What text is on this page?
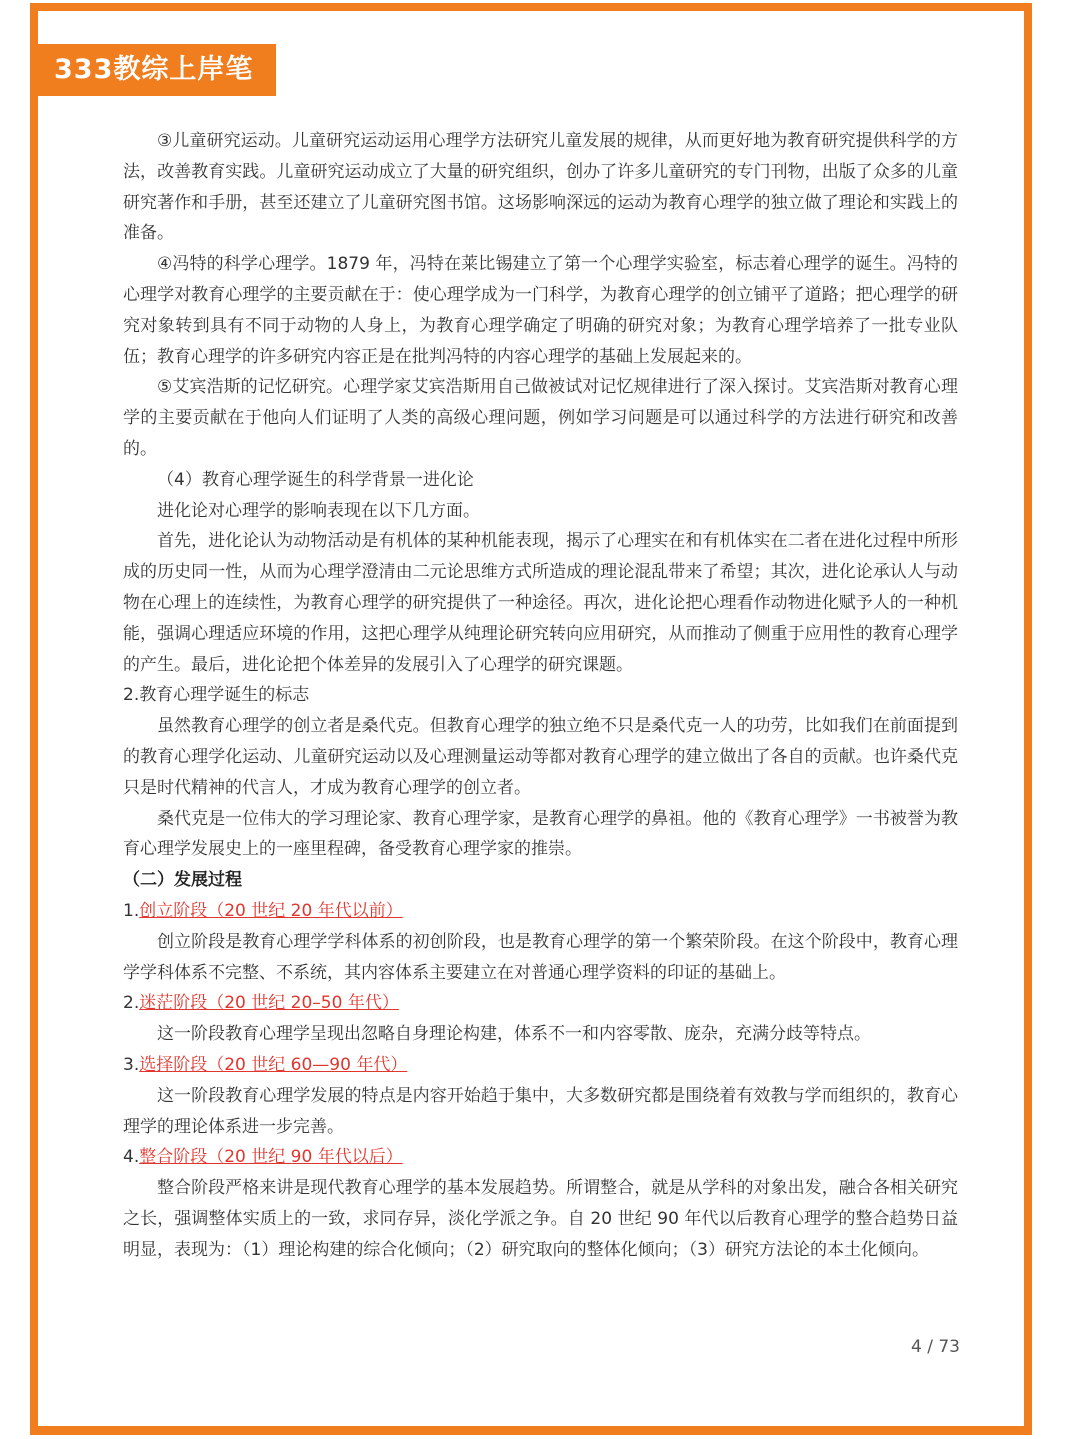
333教综上岸笔记

③儿童研究运动。儿童研究运动运用心理学方法研究儿童发展的规律，从而更好地为教育研究提供科学的方法，改善教育实践。儿童研究运动成立了大量的研究组织，创办了许多儿童研究的专门刊物，出版了众多的儿童研究著作和手册，甚至还建立了儿童研究图书馆。这场影响深远的运动为教育心理学的独立做了理论和实践上的准备。

④冯特的科学心理学。1879 年，冯特在莱比锡建立了第一个心理学实验室，标志着心理学的诞生。冯特的心理学对教育心理学的主要贡献在于：使心理学成为一门科学，为教育心理学的创立铺平了道路；把心理学的研究对象转到具有不同于动物的人身上，为教育心理学确定了明确的研究对象；为教育心理学培养了一批专业队伍；教育心理学的许多研究内容正是在批判冯特的内容心理学的基础上发展起来的。

⑤艾宾浩斯的记忆研究。心理学家艾宾浩斯用自己做被试对记忆规律进行了深入探讨。艾宾浩斯对教育心理学的主要贡献在于他向人们证明了人类的高级心理问题，例如学习问题是可以通过科学的方法进行研究和改善的。

（4）教育心理学诞生的科学背景一进化论

进化论对心理学的影响表现在以下几方面。

首先，进化论认为动物活动是有机体的某种机能表现，揭示了心理实在和有机体实在二者在进化过程中所形成的历史同一性，从而为心理学澄清由二元论思维方式所造成的理论混乱带来了希望；其次，进化论承认人与动物在心理上的连续性，为教育心理学的研究提供了一种途径。再次，进化论把心理看作动物进化赋予人的一种机能，强调心理适应环境的作用，这把心理学从纯理论研究转向应用研究，从而推动了侧重于应用性的教育心理学的产生。最后，进化论把个体差异的发展引入了心理学的研究课题。

2.教育心理学诞生的标志

虽然教育心理学的创立者是桑代克。但教育心理学的独立绝不只是桑代克一人的功劳，比如我们在前面提到的教育心理学化运动、儿童研究运动以及心理测量运动等都对教育心理学的建立做出了各自的贡献。也许桑代克只是时代精神的代言人，才成为教育心理学的创立者。

桑代克是一位伟大的学习理论家、教育心理学家，是教育心理学的鼻祖。他的《教育心理学》一书被誉为教育心理学发展史上的一座里程碑，备受教育心理学家的推崇。

（二）发展过程

1.创立阶段（20 世纪 20 年代以前）

创立阶段是教育心理学学科体系的初创阶段，也是教育心理学的第一个繁荣阶段。在这个阶段中，教育心理学学科体系不完整、不系统，其内容体系主要建立在对普通心理学资料的印证的基础上。

2.迷茫阶段（20 世纪 20–50 年代）

这一阶段教育心理学呈现出忽略自身理论构建，体系不一和内容零散、庞杂，充满分歧等特点。

3.选择阶段（20 世纪 60—90 年代）

这一阶段教育心理学发展的特点是内容开始趋于集中，大多数研究都是围绕着有效教与学而组织的，教育心理学的理论体系进一步完善。

4.整合阶段（20 世纪 90 年代以后）

整合阶段严格来讲是现代教育心理学的基本发展趋势。所谓整合，就是从学科的对象出发，融合各相关研究之长，强调整体实质上的一致，求同存异，淡化学派之争。自 20 世纪 90 年代以后教育心理学的整合趋势日益明显，表现为：（1）理论构建的综合化倾向；（2）研究取向的整体化倾向；（3）研究方法论的本土化倾向。

4 / 73
